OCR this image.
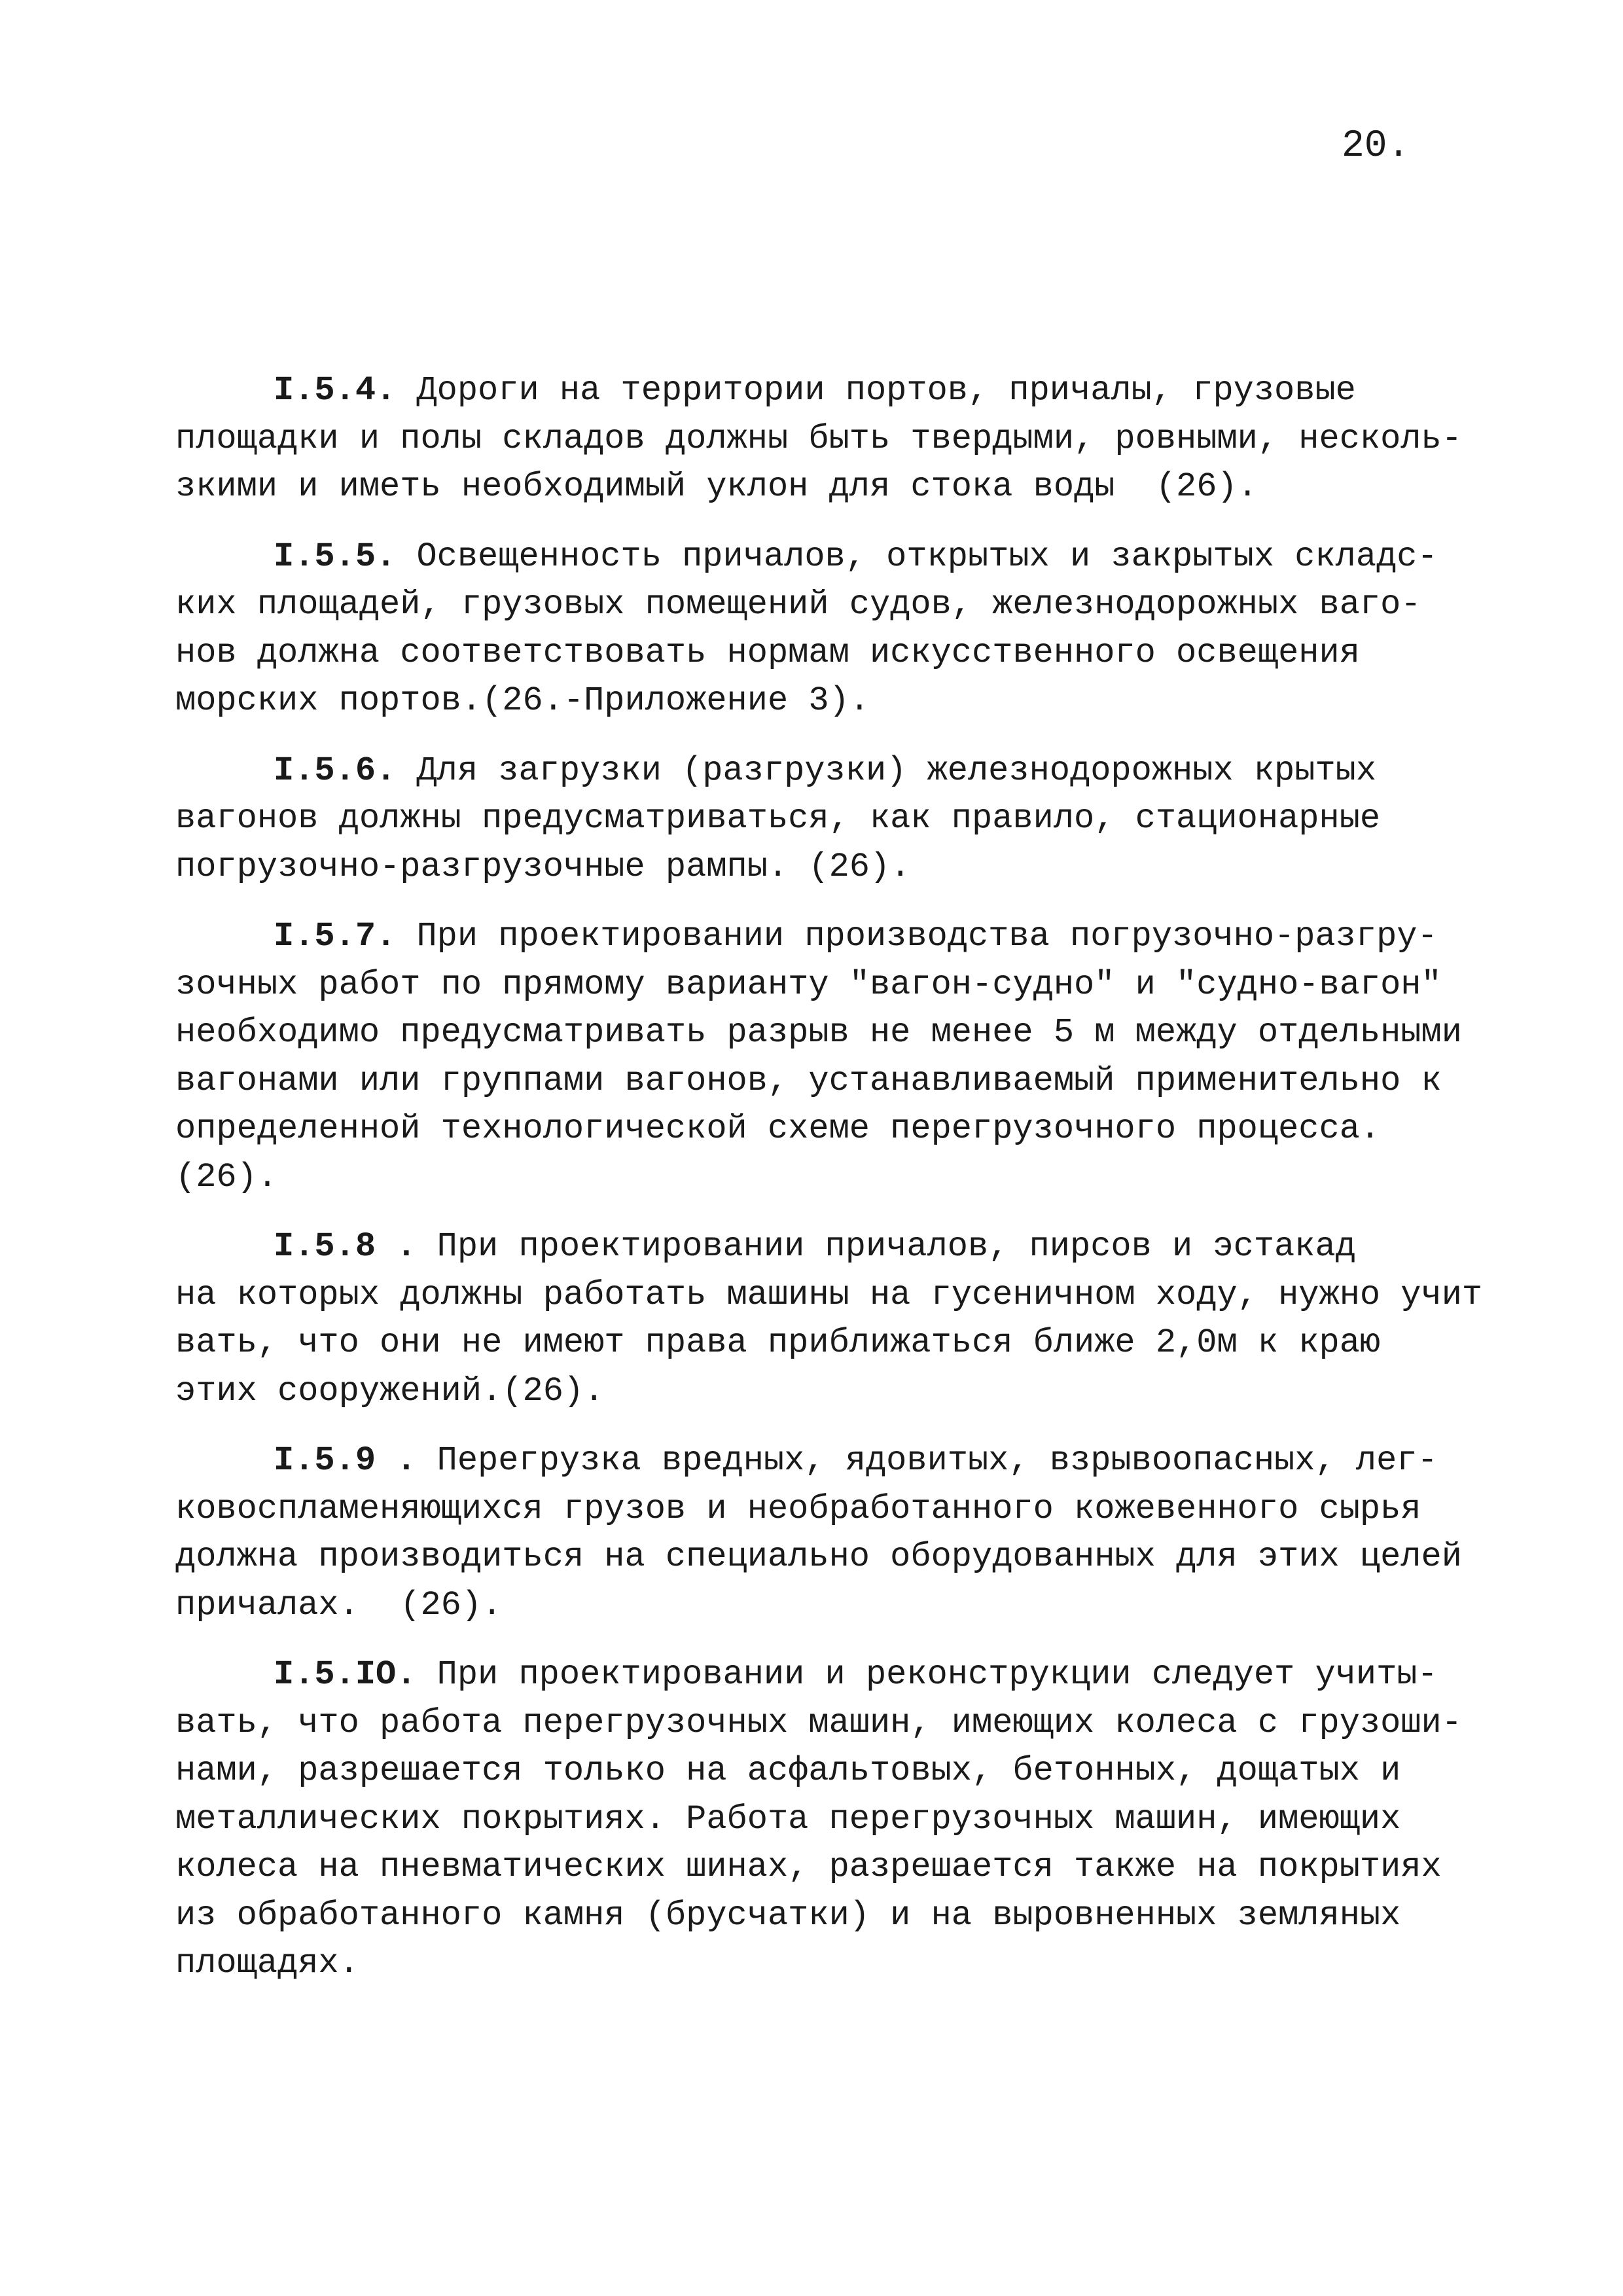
20.
I.5.4. Дороги на территории портов, причалы, грузовые
площадки и полы складов должны быть твердыми, ровными, несколь-
зкими и иметь необходимый уклон для стока воды  (26).
I.5.5. Освещенность причалов, открытых и закрытых складс-
ких площадей, грузовых помещений судов, железнодорожных ваго-
нов должна соответствовать нормам искусственного освещения
морских портов.(26.-Приложение 3).
I.5.6. Для загрузки (разгрузки) железнодорожных крытых
вагонов должны предусматриваться, как правило, стационарные
погрузочно-разгрузочные рампы. (26).
I.5.7. При проектировании производства погрузочно-разгру-
зочных работ по прямому варианту "вагон-судно" и "судно-вагон"
необходимо предусматривать разрыв не менее 5 м между отдельными
вагонами или группами вагонов, устанавливаемый применительно к
определенной технологической схеме перегрузочного процесса.
(26).
I.5.8 . При проектировании причалов, пирсов и эстакад
на которых должны работать машины на гусеничном ходу, нужно учит
вать, что они не имеют права приближаться ближе 2,0м к краю
этих сооружений.(26).
I.5.9 . Перегрузка вредных, ядовитых, взрывоопасных, лег-
ковоспламеняющихся грузов и необработанного кожевенного сырья
должна производиться на специально оборудованных для этих целей
причалах.  (26).
I.5.IO. При проектировании и реконструкции следует учиты-
вать, что работа перегрузочных машин, имеющих колеса с грузоши-
нами, разрешается только на асфальтовых, бетонных, дощатых и
металлических покрытиях. Работа перегрузочных машин, имеющих
колеса на пневматических шинах, разрешается также на покрытиях
из обработанного камня (брусчатки) и на выровненных земляных
площадях.
